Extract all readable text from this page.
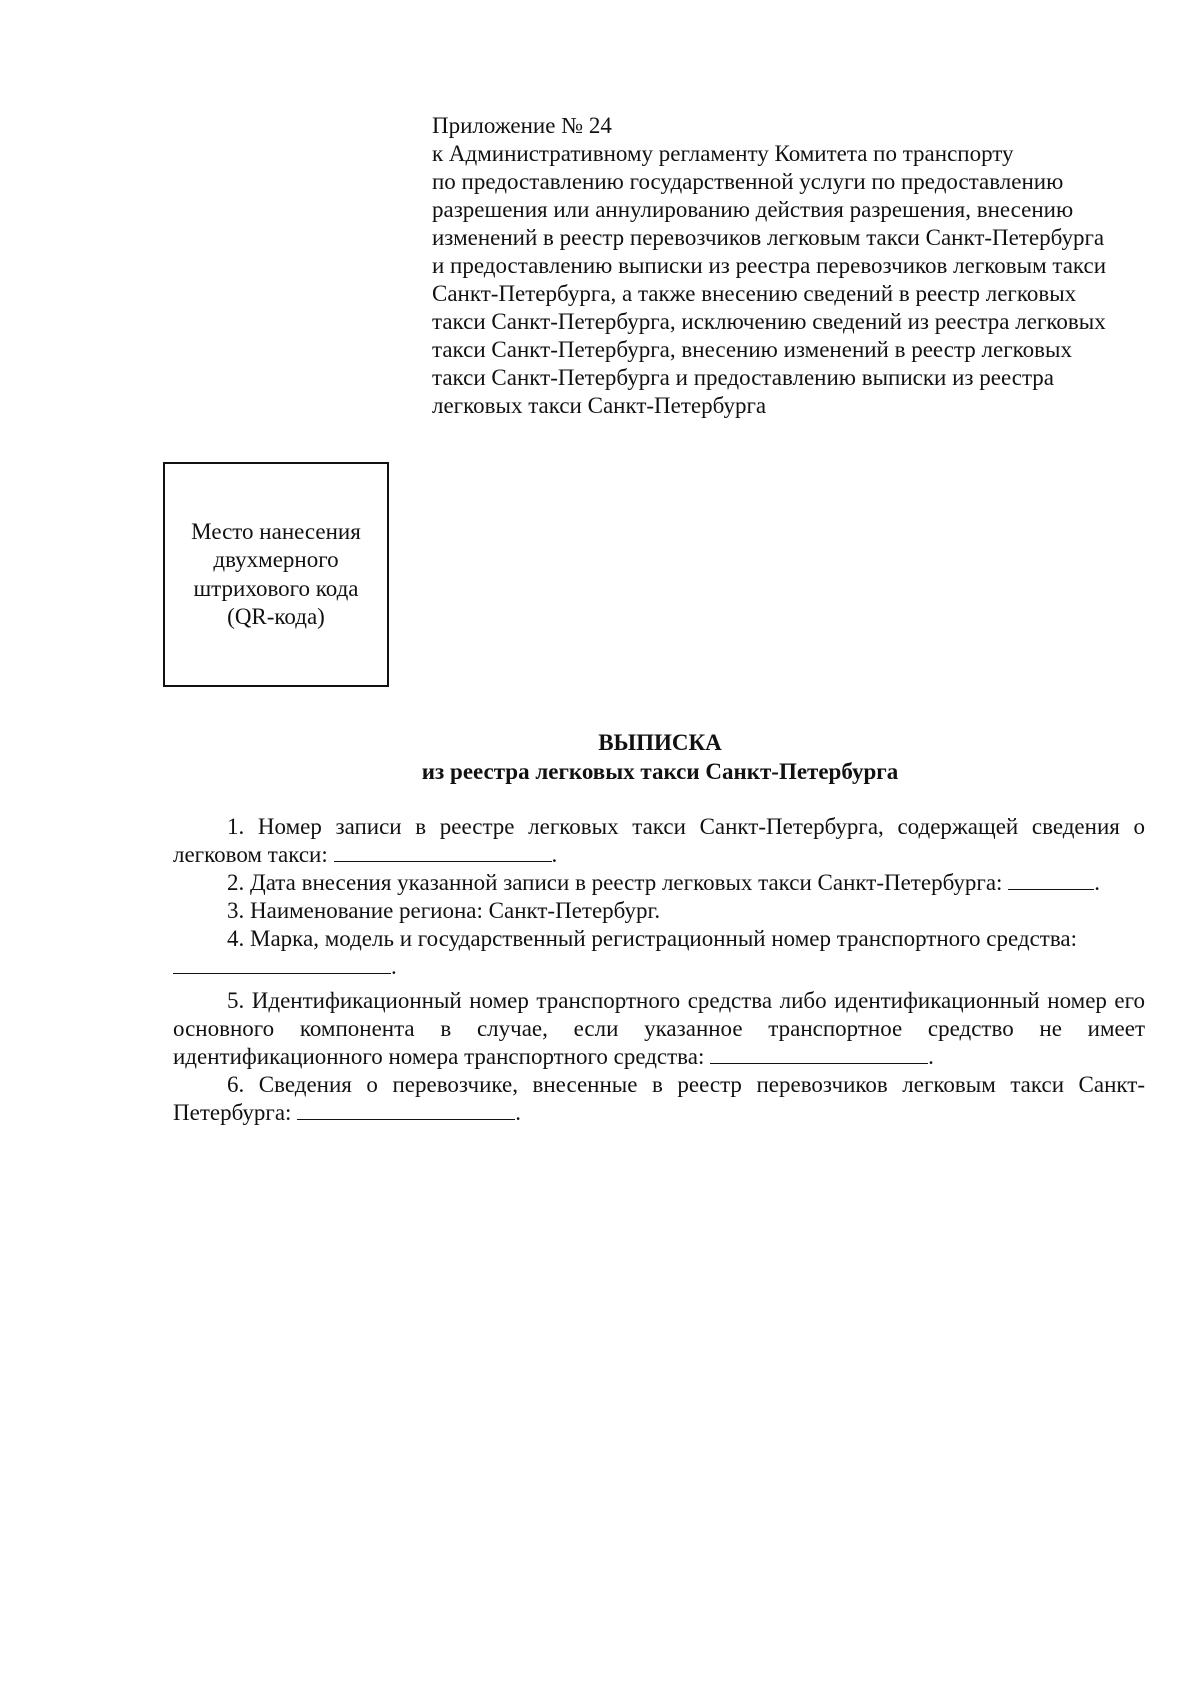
Приложение № 24
к Административному регламенту Комитета по транспорту
по предоставлению государственной услуги по предоставлению
разрешения или аннулированию действия разрешения, внесению
изменений в реестр перевозчиков легковым такси Санкт-Петербурга
и предоставлению выписки из реестра перевозчиков легковым такси
Санкт-Петербурга, а также внесению сведений в реестр легковых
такси Санкт-Петербурга, исключению сведений из реестра легковых
такси Санкт-Петербурга, внесению изменений в реестр легковых
такси Санкт-Петербурга и предоставлению выписки из реестра
легковых такси Санкт-Петербурга
Место нанесения
двухмерного
штрихового кода
(QR-кода)
ВЫПИСКА
из реестра легковых такси Санкт-Петербурга

1. Номер записи в реестре легковых такси Санкт-Петербурга, содержащей сведения о легковом такси:	.

2. Дата внесения указанной записи в реестр легковых такси Санкт-Петербурга:	.

3. Наименование региона: Санкт-Петербург.

4. Марка, модель и государственный регистрационный номер транспортного средства:

.

5. Идентификационный номер транспортного средства либо идентификационный номер его основного компонента в случае, если указанное транспортное средство не имеет идентификационного номера транспортного средства:	.

6. Сведения о перевозчике, внесенные в реестр перевозчиков легковым такси Санкт-Петербурга:	.
